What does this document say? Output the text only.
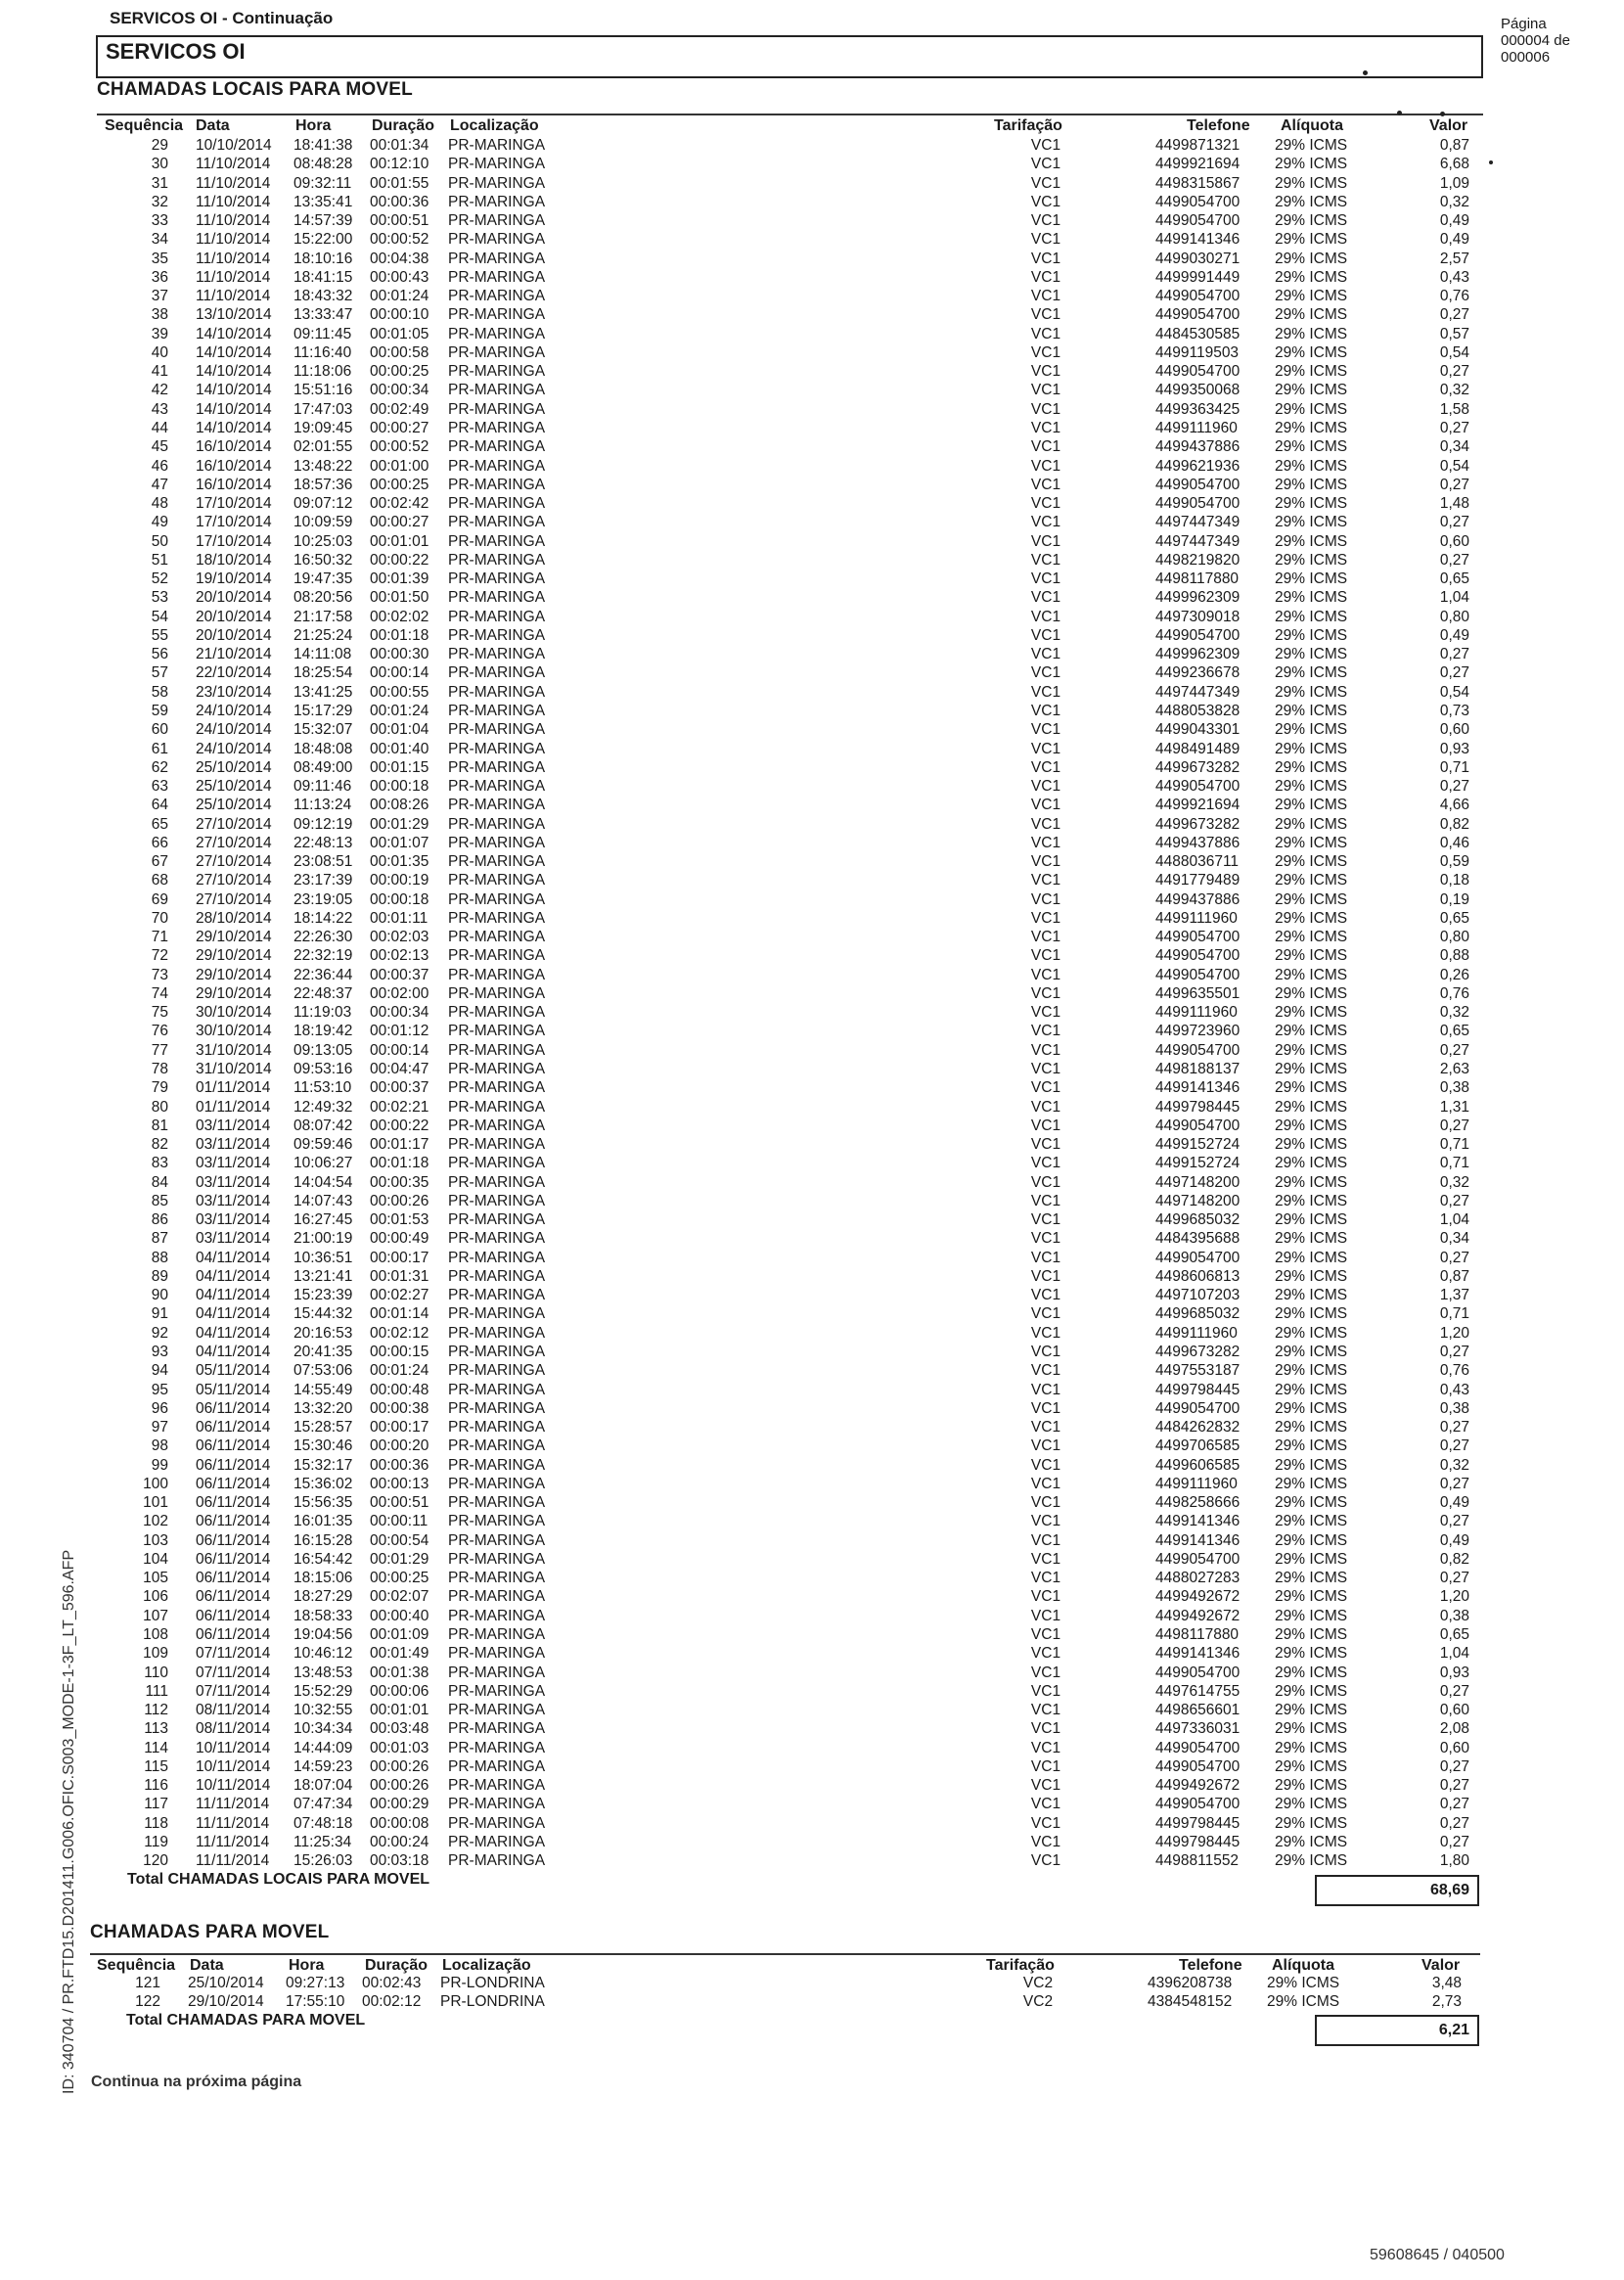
SERVICOS OI - Continuação	Página
000004 de
000006
SERVICOS OI
CHAMADAS LOCAIS PARA MOVEL
Sequência Data	Hora	Duração Localização	Tarifação	Telefone Alíquota	Valor
29 10/10/2014 18:41:38 00:01:34 PR-MARINGA	VC1	4499871321 29% ICMS	0,87
30 11/10/2014 08:48:28 00:12:10 PR-MARINGA	VC1	4499921694 29% ICMS	6,68
31 11/10/2014 09:32:11 00:01:55 PR-MARINGA	VC1	4498315867 29% ICMS	1,09
32 11/10/2014 13:35:41 00:00:36 PR-MARINGA	VC1	4499054700 29% ICMS	0,32
33 11/10/2014 14:57:39 00:00:51 PR-MARINGA	VC1	4499054700 29% ICMS	0,49
34 11/10/2014 15:22:00 00:00:52 PR-MARINGA	VC1	4499141346 29% ICMS	0,49
35 11/10/2014 18:10:16 00:04:38 PR-MARINGA	VC1	4499030271 29% ICMS	2,57
36 11/10/2014 18:41:15 00:00:43 PR-MARINGA	VC1	4499991449 29% ICMS	0,43
37 11/10/2014 18:43:32 00:01:24 PR-MARINGA	VC1	4499054700 29% ICMS	0,76
38 13/10/2014 13:33:47 00:00:10 PR-MARINGA	VC1	4499054700 29% ICMS	0,27
39 14/10/2014 09:11:45 00:01:05 PR-MARINGA	VC1	4484530585 29% ICMS	0,57
40 14/10/2014 11:16:40 00:00:58 PR-MARINGA	VC1	4499119503 29% ICMS	0,54
41 14/10/2014 11:18:06 00:00:25 PR-MARINGA	VC1	4499054700 29% ICMS	0,27
42 14/10/2014 15:51:16 00:00:34 PR-MARINGA	VC1	4499350068 29% ICMS	0,32
43 14/10/2014 17:47:03 00:02:49 PR-MARINGA	VC1	4499363425 29% ICMS	1,58
44 14/10/2014 19:09:45 00:00:27 PR-MARINGA	VC1	4499111960 29% ICMS	0,27
45 16/10/2014 02:01:55 00:00:52 PR-MARINGA	VC1	4499437886 29% ICMS	0,34
46 16/10/2014 13:48:22 00:01:00 PR-MARINGA	VC1	4499621936 29% ICMS	0,54
47 16/10/2014 18:57:36 00:00:25 PR-MARINGA	VC1	4499054700 29% ICMS	0,27
48 17/10/2014 09:07:12 00:02:42 PR-MARINGA	VC1	4499054700 29% ICMS	1,48
49 17/10/2014 10:09:59 00:00:27 PR-MARINGA	VC1	4497447349 29% ICMS	0,27
50 17/10/2014 10:25:03 00:01:01 PR-MARINGA	VC1	4497447349 29% ICMS	0,60
51 18/10/2014 16:50:32 00:00:22 PR-MARINGA	VC1	4498219820 29% ICMS	0,27
52 19/10/2014 19:47:35 00:01:39 PR-MARINGA	VC1	4498117880 29% ICMS	0,65
53 20/10/2014 08:20:56 00:01:50 PR-MARINGA	VC1	4499962309 29% ICMS	1,04
54 20/10/2014 21:17:58 00:02:02 PR-MARINGA	VC1	4497309018 29% ICMS	0,80
55 20/10/2014 21:25:24 00:01:18 PR-MARINGA	VC1	4499054700 29% ICMS	0,49
56 21/10/2014 14:11:08 00:00:30 PR-MARINGA	VC1	4499962309 29% ICMS	0,27
57 22/10/2014 18:25:54 00:00:14 PR-MARINGA	VC1	4499236678 29% ICMS	0,27
58 23/10/2014 13:41:25 00:00:55 PR-MARINGA	VC1	4497447349 29% ICMS	0,54
59 24/10/2014 15:17:29 00:01:24 PR-MARINGA	VC1	4488053828 29% ICMS	0,73
60 24/10/2014 15:32:07 00:01:04 PR-MARINGA	VC1	4499043301 29% ICMS	0,60
61 24/10/2014 18:48:08 00:01:40 PR-MARINGA	VC1	4498491489 29% ICMS	0,93
62 25/10/2014 08:49:00 00:01:15 PR-MARINGA	VC1	4499673282 29% ICMS	0,71
63 25/10/2014 09:11:46 00:00:18 PR-MARINGA	VC1	4499054700 29% ICMS	0,27
64 25/10/2014 11:13:24 00:08:26 PR-MARINGA	VC1	4499921694 29% ICMS	4,66
65 27/10/2014 09:12:19 00:01:29 PR-MARINGA	VC1	4499673282 29% ICMS	0,82
66 27/10/2014 22:48:13 00:01:07 PR-MARINGA	VC1	4499437886 29% ICMS	0,46
67 27/10/2014 23:08:51 00:01:35 PR-MARINGA	VC1	4488036711 29% ICMS	0,59
68 27/10/2014 23:17:39 00:00:19 PR-MARINGA	VC1	4491779489 29% ICMS	0,18
69 27/10/2014 23:19:05 00:00:18 PR-MARINGA	VC1	4499437886 29% ICMS	0,19
70 28/10/2014 18:14:22 00:01:11 PR-MARINGA	VC1	4499111960 29% ICMS	0,65
71 29/10/2014 22:26:30 00:02:03 PR-MARINGA	VC1	4499054700 29% ICMS	0,80
72 29/10/2014 22:32:19 00:02:13 PR-MARINGA	VC1	4499054700 29% ICMS	0,88
73 29/10/2014 22:36:44 00:00:37 PR-MARINGA	VC1	4499054700 29% ICMS	0,26
74 29/10/2014 22:48:37 00:02:00 PR-MARINGA	VC1	4499635501 29% ICMS	0,76
75 30/10/2014 11:19:03 00:00:34 PR-MARINGA	VC1	4499111960 29% ICMS	0,32
76 30/10/2014 18:19:42 00:01:12 PR-MARINGA	VC1	4499723960 29% ICMS	0,65
77 31/10/2014 09:13:05 00:00:14 PR-MARINGA	VC1	4499054700 29% ICMS	0,27
78 31/10/2014 09:53:16 00:04:47 PR-MARINGA	VC1	4498188137 29% ICMS	2,63
79 01/11/2014 11:53:10 00:00:37 PR-MARINGA	VC1	4499141346 29% ICMS	0,38
80 01/11/2014 12:49:32 00:02:21 PR-MARINGA	VC1	4499798445 29% ICMS	1,31
81 03/11/2014 08:07:42 00:00:22 PR-MARINGA	VC1	4499054700 29% ICMS	0,27
82 03/11/2014 09:59:46 00:01:17 PR-MARINGA	VC1	4499152724 29% ICMS	0,71
83 03/11/2014 10:06:27 00:01:18 PR-MARINGA	VC1	4499152724 29% ICMS	0,71
84 03/11/2014 14:04:54 00:00:35 PR-MARINGA	VC1	4497148200 29% ICMS	0,32
85 03/11/2014 14:07:43 00:00:26 PR-MARINGA	VC1	4497148200 29% ICMS	0,27
86 03/11/2014 16:27:45 00:01:53 PR-MARINGA	VC1	4499685032 29% ICMS	1,04
87 03/11/2014 21:00:19 00:00:49 PR-MARINGA	VC1	4484395688 29% ICMS	0,34
88 04/11/2014 10:36:51 00:00:17 PR-MARINGA	VC1	4499054700 29% ICMS	0,27
89 04/11/2014 13:21:41 00:01:31 PR-MARINGA	VC1	4498606813 29% ICMS	0,87
90 04/11/2014 15:23:39 00:02:27 PR-MARINGA	VC1	4497107203 29% ICMS	1,37
91 04/11/2014 15:44:32 00:01:14 PR-MARINGA	VC1	4499685032 29% ICMS	0,71
92 04/11/2014 20:16:53 00:02:12 PR-MARINGA	VC1	4499111960 29% ICMS	1,20
93 04/11/2014 20:41:35 00:00:15 PR-MARINGA	VC1	4499673282 29% ICMS	0,27
94 05/11/2014 07:53:06 00:01:24 PR-MARINGA	VC1	4497553187 29% ICMS	0,76
95 05/11/2014 14:55:49 00:00:48 PR-MARINGA	VC1	4499798445 29% ICMS	0,43
96 06/11/2014 13:32:20 00:00:38 PR-MARINGA	VC1	4499054700 29% ICMS	0,38
97 06/11/2014 15:28:57 00:00:17 PR-MARINGA	VC1	4484262832 29% ICMS	0,27
98 06/11/2014 15:30:46 00:00:20 PR-MARINGA	VC1	4499706585 29% ICMS	0,27
99 06/11/2014 15:32:17 00:00:36 PR-MARINGA	VC1	4499606585 29% ICMS	0,32
100 06/11/2014 15:36:02 00:00:13 PR-MARINGA	VC1	4499111960 29% ICMS	0,27
101 06/11/2014 15:56:35 00:00:51 PR-MARINGA	VC1	4498258666 29% ICMS	0,49
102 06/11/2014 16:01:35 00:00:11 PR-MARINGA	VC1	4499141346 29% ICMS	0,27
103 06/11/2014 16:15:28 00:00:54 PR-MARINGA	VC1	4499141346 29% ICMS	0,49
104 06/11/2014 16:54:42 00:01:29 PR-MARINGA	VC1	4499054700 29% ICMS	0,82
105 06/11/2014 18:15:06 00:00:25 PR-MARINGA	VC1	4488027283 29% ICMS	0,27
106 06/11/2014 18:27:29 00:02:07 PR-MARINGA	VC1	4499492672 29% ICMS	1,20
107 06/11/2014 18:58:33 00:00:40 PR-MARINGA	VC1	4499492672 29% ICMS	0,38
108 06/11/2014 19:04:56 00:01:09 PR-MARINGA	VC1	4498117880 29% ICMS	0,65
109 07/11/2014 10:46:12 00:01:49 PR-MARINGA	VC1	4499141346 29% ICMS	1,04
110 07/11/2014 13:48:53 00:01:38 PR-MARINGA	VC1	4499054700 29% ICMS	0,93
111 07/11/2014 15:52:29 00:00:06 PR-MARINGA	VC1	4497614755 29% ICMS	0,27
112 08/11/2014 10:32:55 00:01:01 PR-MARINGA	VC1	4498656601 29% ICMS	0,60
113 08/11/2014 10:34:34 00:03:48 PR-MARINGA	VC1	4497336031 29% ICMS	2,08
114 10/11/2014 14:44:09 00:01:03 PR-MARINGA	VC1	4499054700 29% ICMS	0,60
115 10/11/2014 14:59:23 00:00:26 PR-MARINGA	VC1	4499054700 29% ICMS	0,27
116 10/11/2014 18:07:04 00:00:26 PR-MARINGA	VC1	4499492672 29% ICMS	0,27
117 11/11/2014 07:47:34 00:00:29 PR-MARINGA	VC1	4499054700 29% ICMS	0,27
118 11/11/2014 07:48:18 00:00:08 PR-MARINGA	VC1	4499798445 29% ICMS	0,27
119 11/11/2014 11:25:34 00:00:24 PR-MARINGA	VC1	4499798445 29% ICMS	0,27
120 11/11/2014 15:26:03 00:03:18 PR-MARINGA	VC1	4498811552 29% ICMS	1,80
Total CHAMADAS LOCAIS PARA MOVEL
68,69
CHAMADAS PARA MOVEL
Sequência Data	Hora	Duração Localização	Tarifação	Telefone Alíquota	Valor
121 25/10/2014 09:27:13 00:02:43 PR-LONDRINA	VC2	4396208738 29% ICMS	3,48
122 29/10/2014 17:55:10 00:02:12 PR-LONDRINA	VC2	4384548152 29% ICMS	2,73
Total CHAMADAS PARA MOVEL
6,21
Continua na próxima página
ID: 340704 / PR.FTD15.D201411.G006.OFIC.S003_MODE-1-3F_LT_596.AFP
59608645 / 040500
